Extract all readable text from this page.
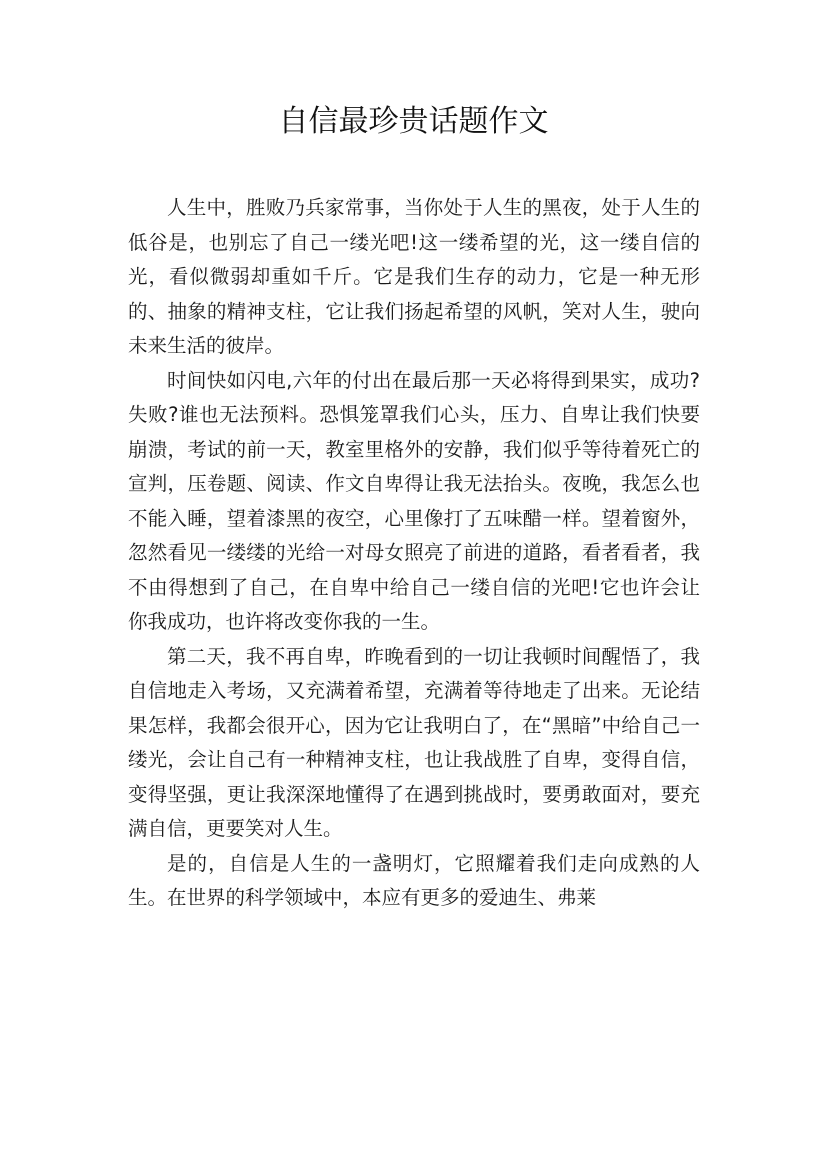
自信最珍贵话题作文

人生中，胜败乃兵家常事，当你处于人生的黑夜，处于人生的低谷是，也别忘了自己一缕光吧!这一缕希望的光，这一缕自信的光，看似微弱却重如千斤。它是我们生存的动力，它是一种无形的、抽象的精神支柱，它让我们扬起希望的风帆，笑对人生，驶向未来生活的彼岸。

时间快如闪电,六年的付出在最后那一天必将得到果实，成功?失败?谁也无法预料。恐惧笼罩我们心头，压力、自卑让我们快要崩溃，考试的前一天，教室里格外的安静，我们似乎等待着死亡的宣判，压卷题、阅读、作文自卑得让我无法抬头。夜晚，我怎么也不能入睡，望着漆黑的夜空，心里像打了五味醋一样。望着窗外，忽然看见一缕缕的光给一对母女照亮了前进的道路，看者看者，我不由得想到了自己，在自卑中给自己一缕自信的光吧!它也许会让你我成功，也许将改变你我的一生。

第二天，我不再自卑，昨晚看到的一切让我顿时间醒悟了，我自信地走入考场，又充满着希望，充满着等待地走了出来。无论结果怎样，我都会很开心，因为它让我明白了，在“黑暗”中给自己一缕光，会让自己有一种精神支柱，也让我战胜了自卑，变得自信，变得坚强，更让我深深地懂得了在遇到挑战时，要勇敢面对，要充满自信，更要笑对人生。

是的，自信是人生的一盏明灯，它照耀着我们走向成熟的人生。在世界的科学领域中，本应有更多的爱迪生、弗莱
